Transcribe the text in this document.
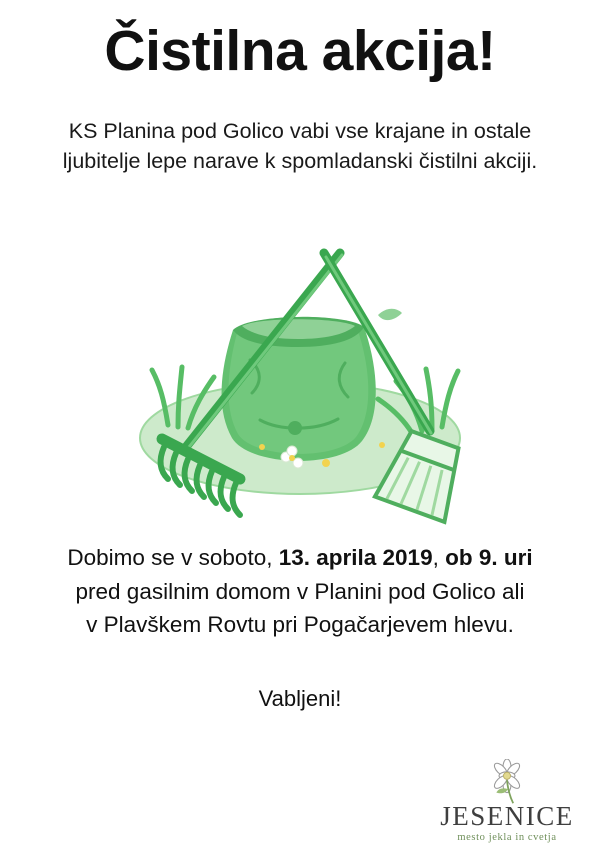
Čistilna akcija!
KS Planina pod Golico vabi vse krajane in ostale ljubitelje lepe narave k spomladanski čistilni akciji.
Dobimo se v soboto, 13. aprila 2019, ob 9. uri
pred gasilnim domom v Planini pod Golico ali
v Plavškem Rovtu pri Pogačarjevem hlevu.
Vabljeni!
JESENICE
mesto jekla in cvetja
